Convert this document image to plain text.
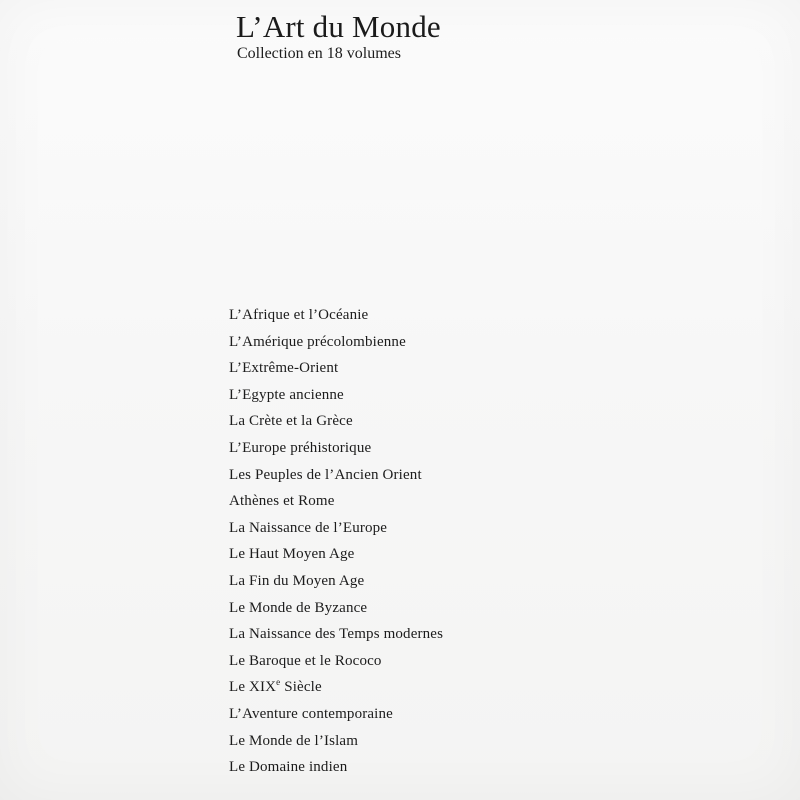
L’Art du Monde

Collection en 18 volumes

L’Afrique et l’Océanie
L’Amérique précolombienne
L’Extrême-Orient
L’Egypte ancienne
La Crète et la Grèce
L’Europe préhistorique
Les Peuples de l’Ancien Orient
Athènes et Rome
La Naissance de l’Europe
Le Haut Moyen Age
La Fin du Moyen Age
Le Monde de Byzance
La Naissance des Temps modernes
Le Baroque et le Rococo
Le XIXe Siècle
L’Aventure contemporaine
Le Monde de l’Islam
Le Domaine indien
